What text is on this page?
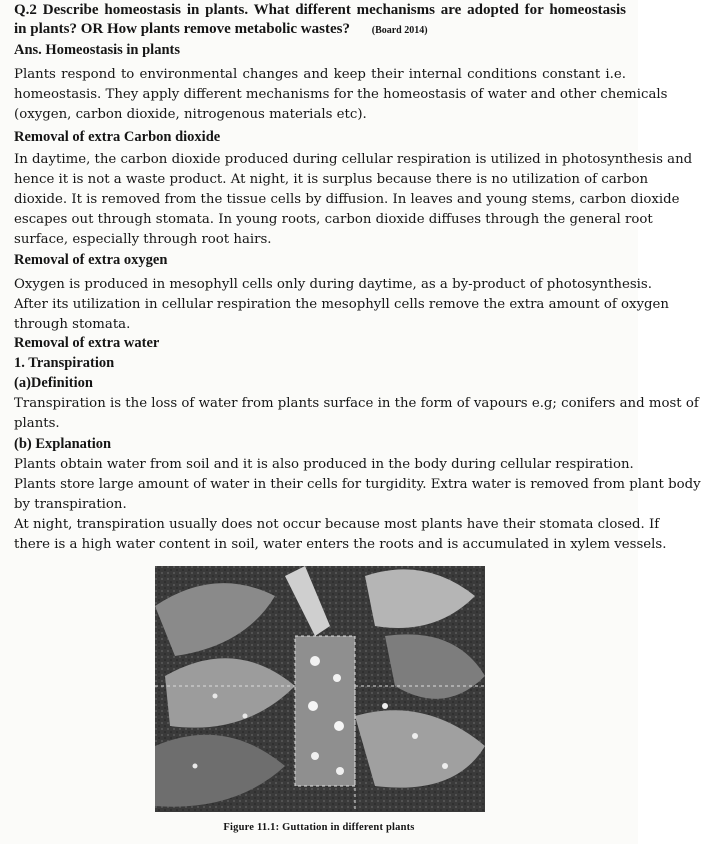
Q.2 Describe homeostasis in plants. What different mechanisms are adopted for homeostasis
in plants? OR How plants remove metabolic wastes? (Board 2014)
Ans. Homeostasis in plants
Plants respond to environmental changes and keep their internal conditions constant i.e.
homeostasis. They apply different mechanisms for the homeostasis of water and other chemicals
(oxygen, carbon dioxide, nitrogenous materials etc).
Removal of extra Carbon dioxide
In daytime, the carbon dioxide produced during cellular respiration is utilized in photosynthesis and
hence it is not a waste product. At night, it is surplus because there is no utilization of carbon
dioxide. It is removed from the tissue cells by diffusion. In leaves and young stems, carbon dioxide
escapes out through stomata. In young roots, carbon dioxide diffuses through the general root
surface, especially through root hairs.
Removal of extra oxygen
Oxygen is produced in mesophyll cells only during daytime, as a by-product of photosynthesis.
After its utilization in cellular respiration the mesophyll cells remove the extra amount of oxygen
through stomata.
Removal of extra water
1. Transpiration
(a)Definition
Transpiration is the loss of water from plants surface in the form of vapours e.g; conifers and most of
plants.
(b) Explanation
Plants obtain water from soil and it is also produced in the body during cellular respiration.
Plants store large amount of water in their cells for turgidity. Extra water is removed from plant body
by transpiration.
At night, transpiration usually does not occur because most plants have their stomata closed. If
there is a high water content in soil, water enters the roots and is accumulated in xylem vessels.
Figure 11.1: Guttation in different plants
